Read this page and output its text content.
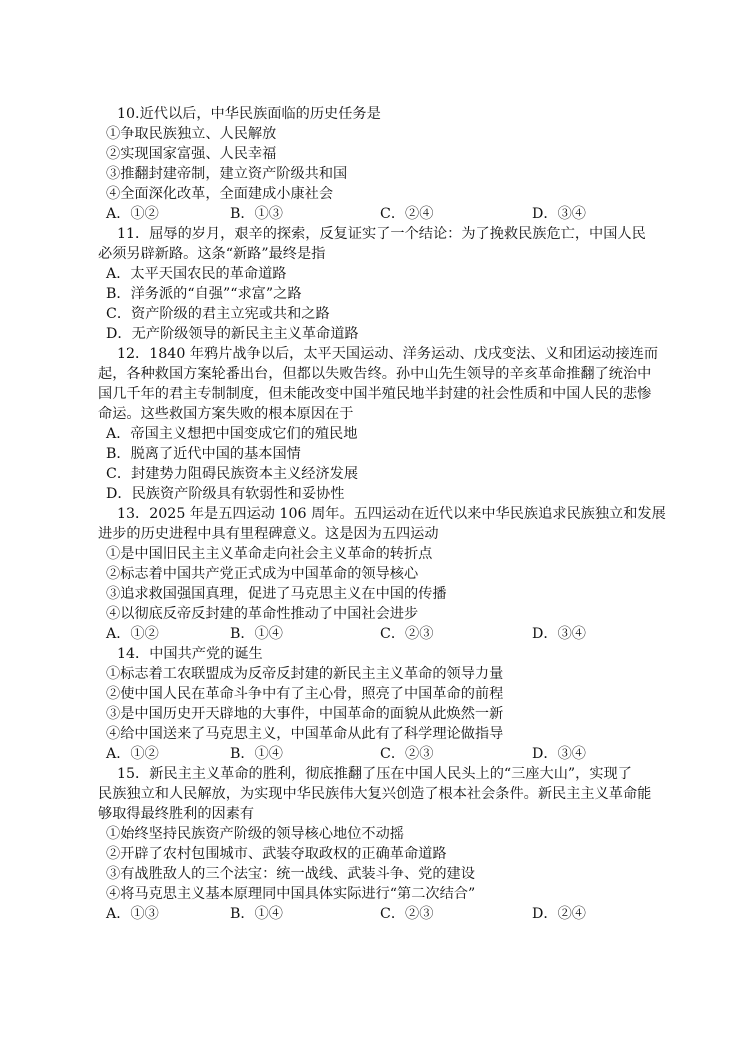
10.近代以后，中华民族面临的历史任务是
①争取民族独立、人民解放
②实现国家富强、人民幸福
③推翻封建帝制，建立资产阶级共和国
④全面深化改革，全面建成小康社会
A．①②	B．①③	C．②④	D．③④
11．屈辱的岁月，艰辛的探索，反复证实了一个结论：为了挽救民族危亡，中国人民
必须另辟新路。这条“新路”最终是指
A．太平天国农民的革命道路
B．洋务派的“自强”“求富”之路
C．资产阶级的君主立宪或共和之路
D．无产阶级领导的新民主主义革命道路
12．1840 年鸦片战争以后，太平天国运动、洋务运动、戊戌变法、义和团运动接连而
起，各种救国方案轮番出台，但都以失败告终。孙中山先生领导的辛亥革命推翻了统治中
国几千年的君主专制制度，但未能改变中国半殖民地半封建的社会性质和中国人民的悲惨
命运。这些救国方案失败的根本原因在于
A．帝国主义想把中国变成它们的殖民地
B．脱离了近代中国的基本国情
C．封建势力阻碍民族资本主义经济发展
D．民族资产阶级具有软弱性和妥协性
13．2025 年是五四运动 106 周年。五四运动在近代以来中华民族追求民族独立和发展
进步的历史进程中具有里程碑意义。这是因为五四运动
①是中国旧民主主义革命走向社会主义革命的转折点
②标志着中国共产党正式成为中国革命的领导核心
③追求救国强国真理，促进了马克思主义在中国的传播
④以彻底反帝反封建的革命性推动了中国社会进步
A．①②	B．①④	C．②③	D．③④
14．中国共产党的诞生
①标志着工农联盟成为反帝反封建的新民主主义革命的领导力量
②使中国人民在革命斗争中有了主心骨，照亮了中国革命的前程
③是中国历史开天辟地的大事件，中国革命的面貌从此焕然一新
④给中国送来了马克思主义，中国革命从此有了科学理论做指导
A．①②	B．①④	C．②③	D．③④
15．新民主主义革命的胜利，彻底推翻了压在中国人民头上的“三座大山”，实现了
民族独立和人民解放，为实现中华民族伟大复兴创造了根本社会条件。新民主主义革命能
够取得最终胜利的因素有
①始终坚持民族资产阶级的领导核心地位不动摇
②开辟了农村包围城市、武装夺取政权的正确革命道路
③有战胜敌人的三个法宝：统一战线、武装斗争、党的建设
④将马克思主义基本原理同中国具体实际进行“第二次结合”
A．①③	B．①④	C．②③	D．②④
